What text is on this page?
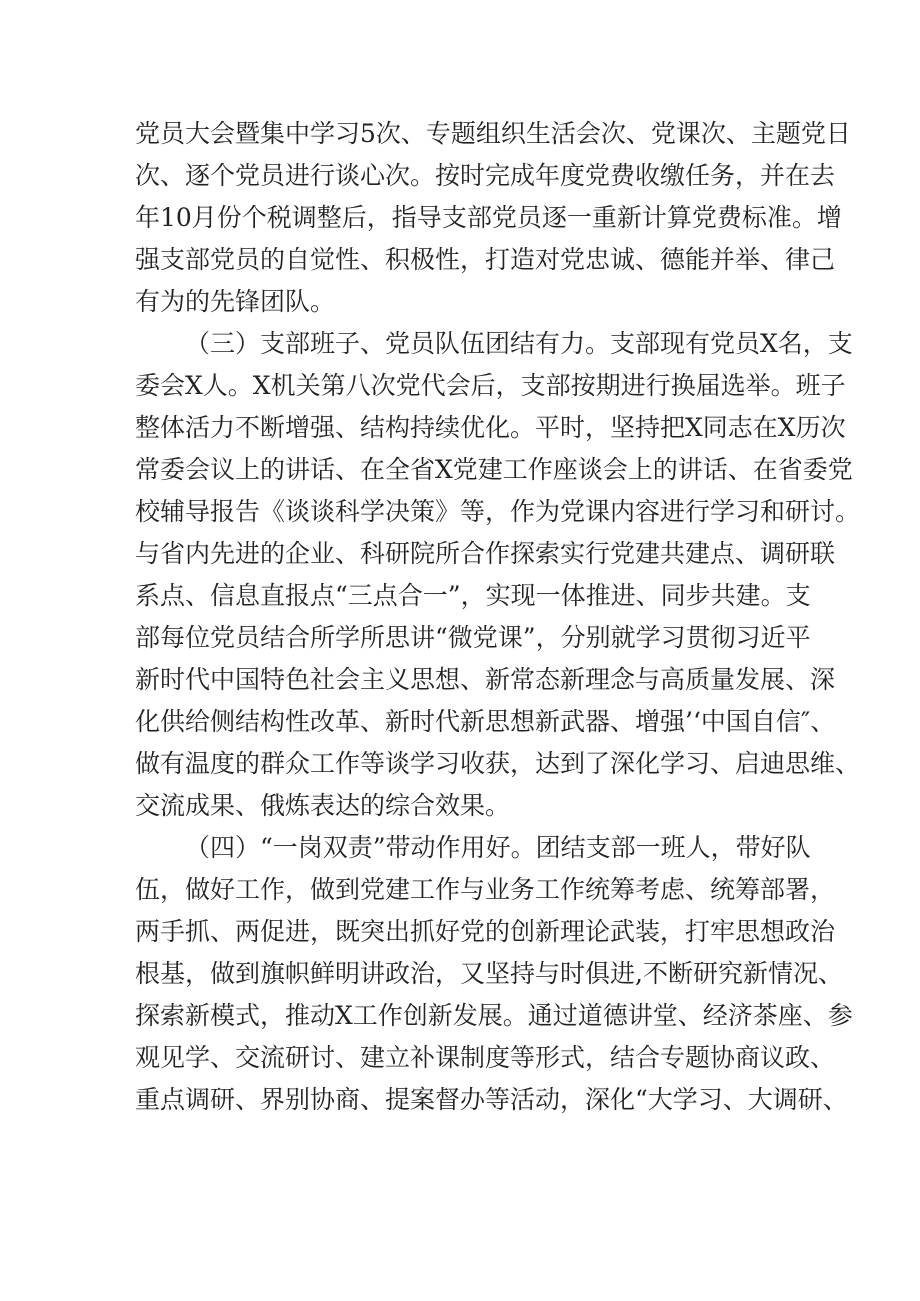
党员大会暨集中学习5次、专题组织生活会次、党课次、主题党日
次、逐个党员进行谈心次。按时完成年度党费收缴任务，并在去
年10月份个税调整后，指导支部党员逐一重新计算党费标准。增
强支部党员的自觉性、积极性，打造对党忠诚、德能并举、律己
有为的先锋团队。
（三）支部班子、党员队伍团结有力。支部现有党员X名，支
委会X人。X机关第八次党代会后，支部按期进行换届选举。班子
整体活力不断增强、结构持续优化。平时，坚持把X同志在X历次
常委会议上的讲话、在全省X党建工作座谈会上的讲话、在省委党
校辅导报告《谈谈科学决策》等，作为党课内容进行学习和研讨。
与省内先进的企业、科研院所合作探索实行党建共建点、调研联
系点、信息直报点“三点合一”，实现一体推进、同步共建。支
部每位党员结合所学所思讲“微党课”，分别就学习贯彻习近平
新时代中国特色社会主义思想、新常态新理念与高质量发展、深
化供给侧结构性改革、新时代新思想新武器、增强’‘中国自信″、
做有温度的群众工作等谈学习收获，达到了深化学习、启迪思维、
交流成果、俄炼表达的综合效果。
（四）“一岗双责”带动作用好。团结支部一班人，带好队
伍，做好工作，做到党建工作与业务工作统筹考虑、统筹部署，
两手抓、两促进，既突出抓好党的创新理论武装，打牢思想政治
根基，做到旗帜鲜明讲政治，又坚持与时俱进,不断研究新情况、
探索新模式，推动X工作创新发展。通过道德讲堂、经济茶座、参
观见学、交流研讨、建立补课制度等形式，结合专题协商议政、
重点调研、界别协商、提案督办等活动，深化“大学习、大调研、
